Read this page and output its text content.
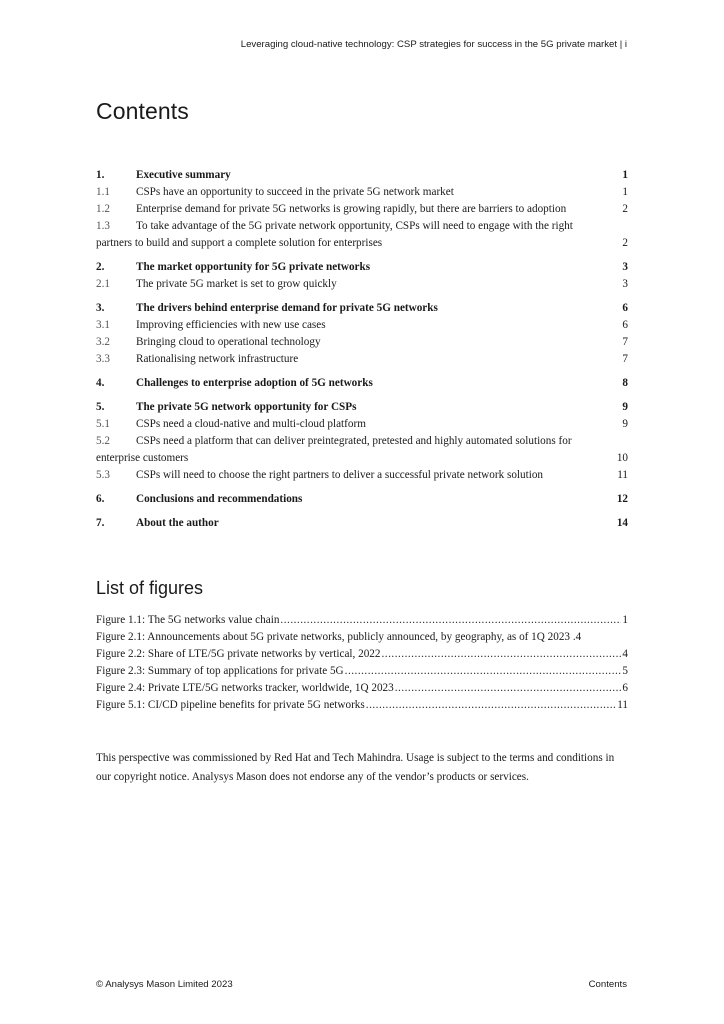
Leveraging cloud-native technology: CSP strategies for success in the 5G private market | i
Contents
1.	Executive summary	1
1.1	CSPs have an opportunity to succeed in the private 5G network market	1
1.2	Enterprise demand for private 5G networks is growing rapidly, but there are barriers to adoption	2
1.3	To take advantage of the 5G private network opportunity, CSPs will need to engage with the right
partners to build and support a complete solution for enterprises	2
2.	The market opportunity for 5G private networks	3
2.1	The private 5G market is set to grow quickly	3
3.	The drivers behind enterprise demand for private 5G networks	6
3.1	Improving efficiencies with new use cases	6
3.2	Bringing cloud to operational technology	7
3.3	Rationalising network infrastructure	7
4.	Challenges to enterprise adoption of 5G networks	8
5.	The private 5G network opportunity for CSPs	9
5.1	CSPs need a cloud-native and multi-cloud platform	9
5.2	CSPs need a platform that can deliver preintegrated, pretested and highly automated solutions for
enterprise customers	10
5.3	CSPs will need to choose the right partners to deliver a successful private network solution	11
6.	Conclusions and recommendations	12
7.	About the author	14
List of figures
Figure 1.1: The 5G networks value chain .....	1
Figure 2.1: Announcements about 5G private networks, publicly announced, by geography, as of 1Q 2023 . 4
Figure 2.2: Share of LTE/5G private networks by vertical, 2022 .....	4
Figure 2.3: Summary of top applications for private 5G .....	5
Figure 2.4: Private LTE/5G networks tracker, worldwide, 1Q 2023 .....	6
Figure 5.1: CI/CD pipeline benefits for private 5G networks .....	11

This perspective was commissioned by Red Hat and Tech Mahindra. Usage is subject to the terms and conditions in our copyright notice. Analysys Mason does not endorse any of the vendor’s products or services.

© Analysys Mason Limited 2023	Contents
